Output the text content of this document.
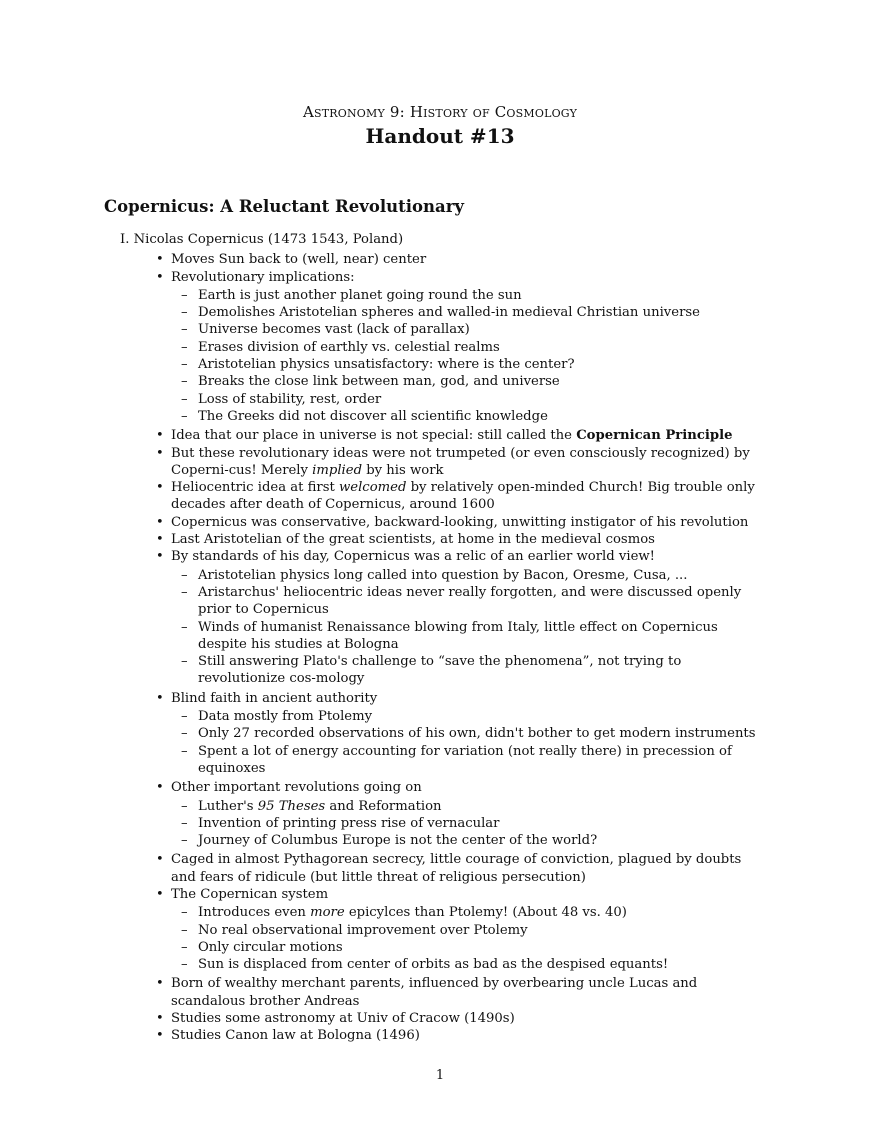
Astronomy 9: History of Cosmology
Handout #13
Copernicus: A Reluctant Revolutionary
I. Nicolas Copernicus (1473 1543, Poland)
• Moves Sun back to (well, near) center
• Revolutionary implications:
– Earth is just another planet going round the sun
– Demolishes Aristotelian spheres and walled-in medieval Christian universe
– Universe becomes vast (lack of parallax)
– Erases division of earthly vs. celestial realms
– Aristotelian physics unsatisfactory: where is the center?
– Breaks the close link between man, god, and universe
– Loss of stability, rest, order
– The Greeks did not discover all scientific knowledge
• Idea that our place in universe is not special: still called the Copernican Principle
• But these revolutionary ideas were not trumpeted (or even consciously recognized) by Coperni-cus! Merely implied by his work
• Heliocentric idea at first welcomed by relatively open-minded Church! Big trouble only decades after death of Copernicus, around 1600
• Copernicus was conservative, backward-looking, unwitting instigator of his revolution
• Last Aristotelian of the great scientists, at home in the medieval cosmos
• By standards of his day, Copernicus was a relic of an earlier world view!
– Aristotelian physics long called into question by Bacon, Oresme, Cusa, ...
– Aristarchus' heliocentric ideas never really forgotten, and were discussed openly prior to Copernicus
– Winds of humanist Renaissance blowing from Italy, little effect on Copernicus despite his studies at Bologna
– Still answering Plato's challenge to “save the phenomena”, not trying to revolutionize cos-mology
• Blind faith in ancient authority
– Data mostly from Ptolemy
– Only 27 recorded observations of his own, didn't bother to get modern instruments
– Spent a lot of energy accounting for variation (not really there) in precession of equinoxes
• Other important revolutions going on
– Luther's 95 Theses and Reformation
– Invention of printing press rise of vernacular
– Journey of Columbus Europe is not the center of the world?
• Caged in almost Pythagorean secrecy, little courage of conviction, plagued by doubts and fears of ridicule (but little threat of religious persecution)
• The Copernican system
– Introduces even more epicylces than Ptolemy! (About 48 vs. 40)
– No real observational improvement over Ptolemy
– Only circular motions
– Sun is displaced from center of orbits as bad as the despised equants!
• Born of wealthy merchant parents, influenced by overbearing uncle Lucas and scandalous brother Andreas
• Studies some astronomy at Univ of Cracow (1490s)
• Studies Canon law at Bologna (1496)
1
